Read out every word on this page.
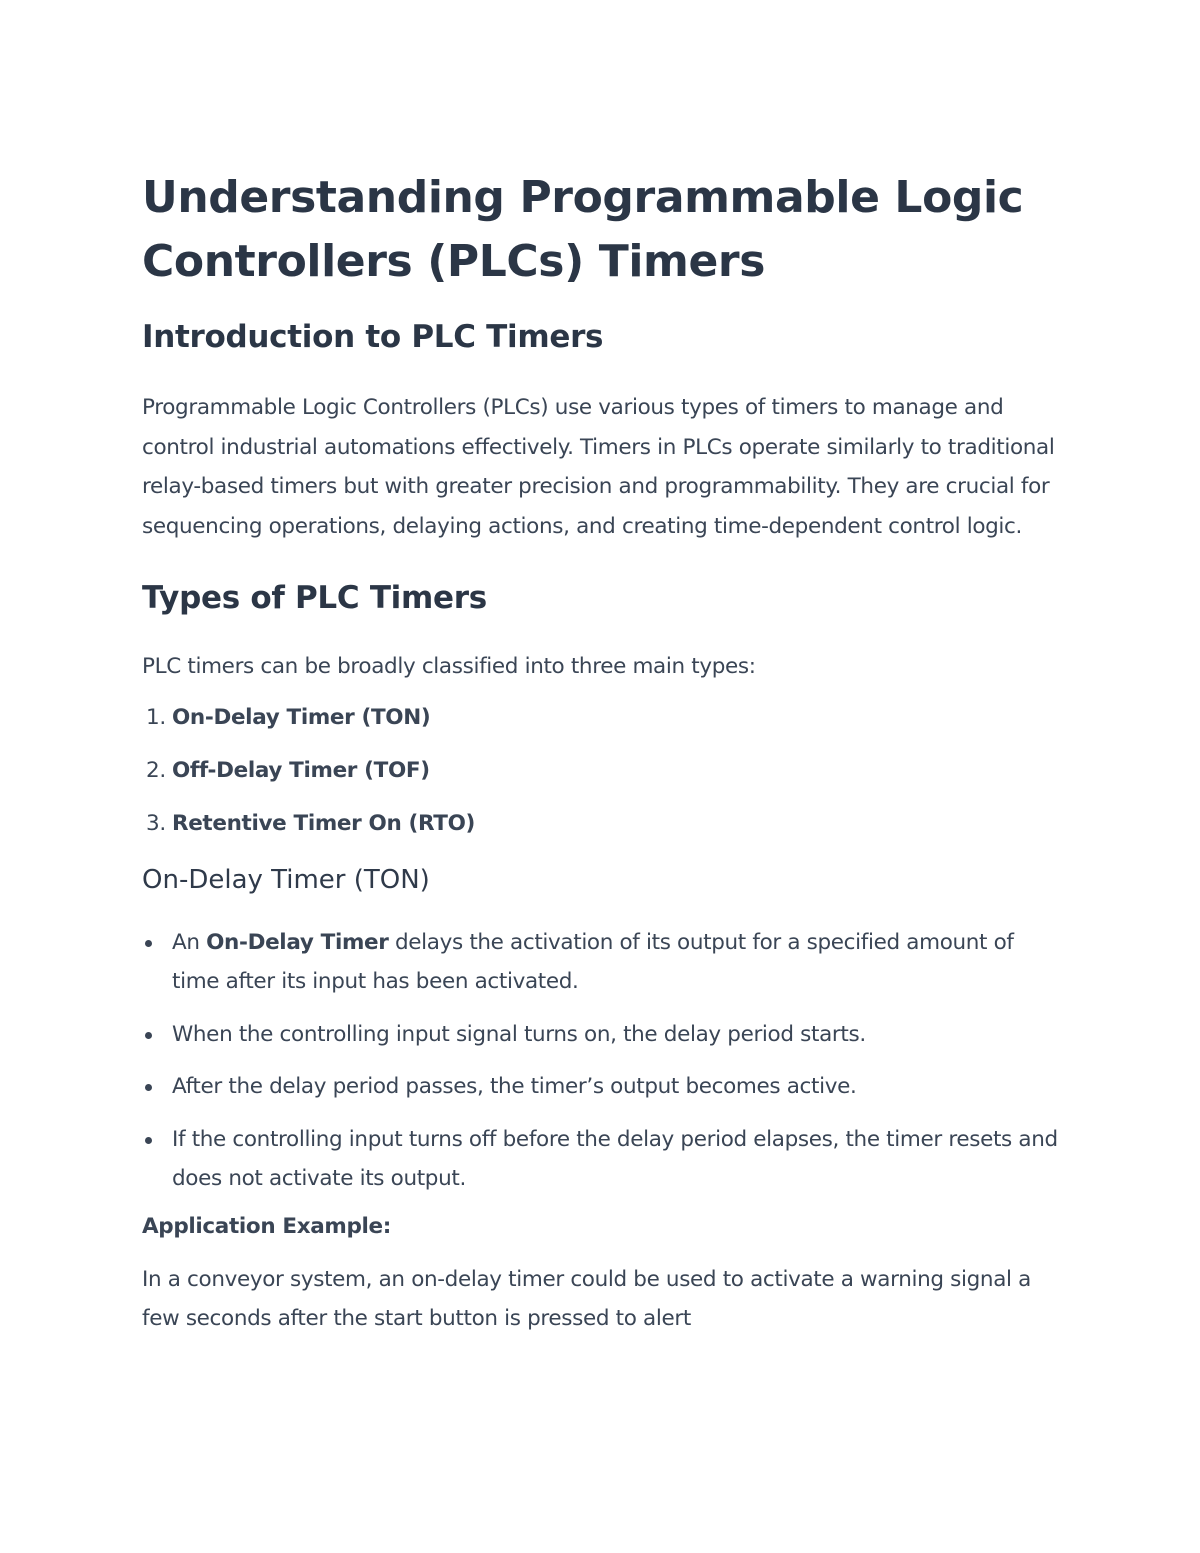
Understanding Programmable Logic Controllers (PLCs) Timers
Introduction to PLC Timers

Programmable Logic Controllers (PLCs) use various types of timers to manage and control industrial automations effectively. Timers in PLCs operate similarly to traditional relay-based timers but with greater precision and programmability. They are crucial for sequencing operations, delaying actions, and creating time-dependent control logic.

Types of PLC Timers

PLC timers can be broadly classified into three main types:

1. On-Delay Timer (TON)
2. Off-Delay Timer (TOF)
3. Retentive Timer On (RTO)
On-Delay Timer (TON)
An On-Delay Timer delays the activation of its output for a specified amount of time after its input has been activated.
When the controlling input signal turns on, the delay period starts.
After the delay period passes, the timer’s output becomes active.
If the controlling input turns off before the delay period elapses, the timer resets and does not activate its output.
Application Example:

In a conveyor system, an on-delay timer could be used to activate a warning signal a few seconds after the start button is pressed to alert
